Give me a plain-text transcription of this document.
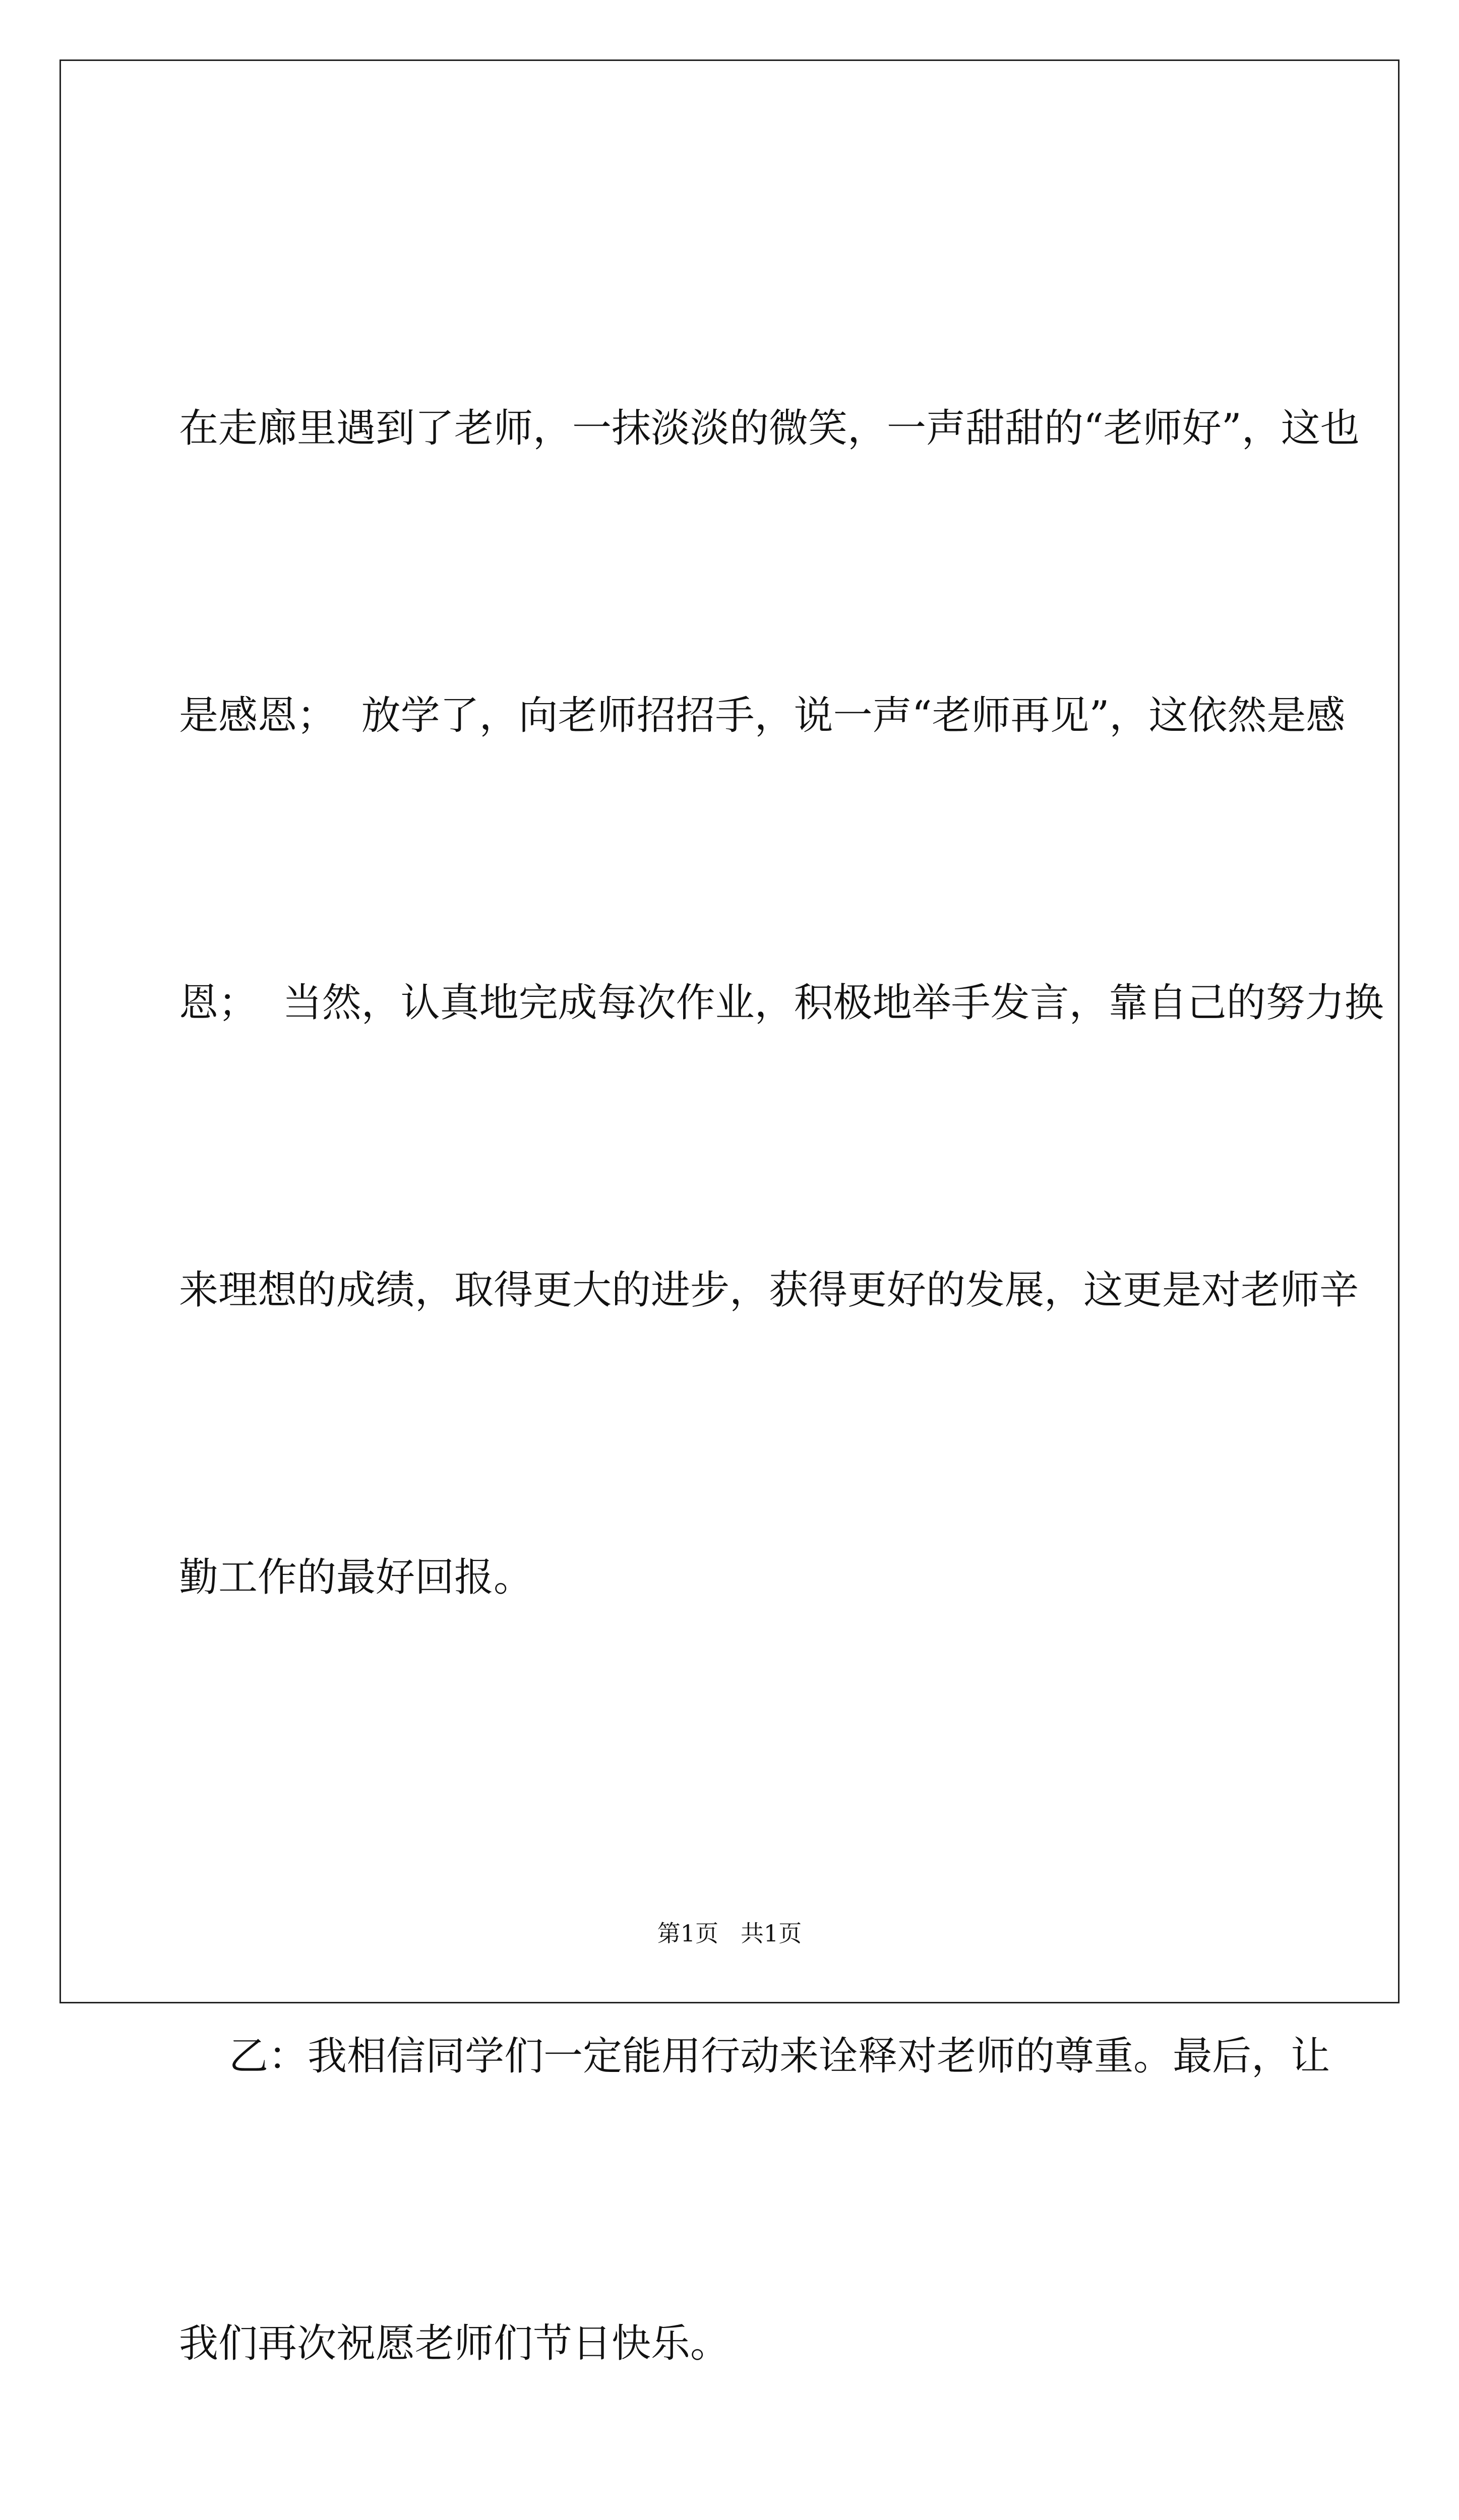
在走廊里遇到了老师，一抹淡淡的微笑，一声甜甜的“老师好”，这也

是感恩；  放学了，向老师招招手，说一声“老师再见”，这依然是感

恩；  当然，认真地完成每次作业，积极地举手发言，靠自己的努力换

来理想的成绩，取得更大的进步，获得更好的发展，这更是对老师辛

勤工作的最好回报。

乙：我相信同学们一定能用行动来诠释对老师的尊重。最后，让

我们再次祝愿老师们节日快乐。

第1页   共1页
